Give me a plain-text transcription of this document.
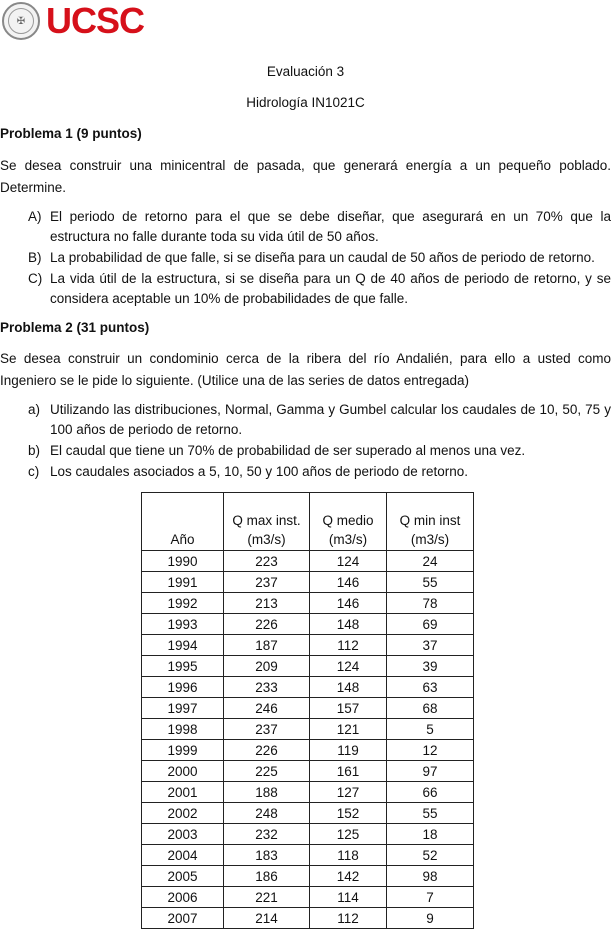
✠ UCSC
Evaluación 3
Hidrología IN1021C
Problema 1 (9 puntos)
Se desea construir una minicentral de pasada, que generará energía a un pequeño poblado. Determine.
A) El periodo de retorno para el que se debe diseñar, que asegurará en un 70% que la estructura no falle durante toda su vida útil de 50 años.
B) La probabilidad de que falle, si se diseña para un caudal de 50 años de periodo de retorno.
C) La vida útil de la estructura, si se diseña para un Q de 40 años de periodo de retorno, y se considera aceptable un 10% de probabilidades de que falle.
Problema 2 (31 puntos)
Se desea construir un condominio cerca de la ribera del río Andalién, para ello a usted como Ingeniero se le pide lo siguiente. (Utilice una de las series de datos entregada)
a) Utilizando las distribuciones, Normal, Gamma y Gumbel calcular los caudales de 10, 50, 75 y 100 años de periodo de retorno.
b) El caudal que tiene un 70% de probabilidad de ser superado al menos una vez.
c) Los caudales asociados a 5, 10, 50 y 100 años de periodo de retorno.
Año	Q max inst. (m3/s)	Q medio (m3/s)	Q min inst (m3/s)
1990	223	124	24
1991	237	146	55
1992	213	146	78
1993	226	148	69
1994	187	112	37
1995	209	124	39
1996	233	148	63
1997	246	157	68
1998	237	121	5
1999	226	119	12
2000	225	161	97
2001	188	127	66
2002	248	152	55
2003	232	125	18
2004	183	118	52
2005	186	142	98
2006	221	114	7
2007	214	112	9
